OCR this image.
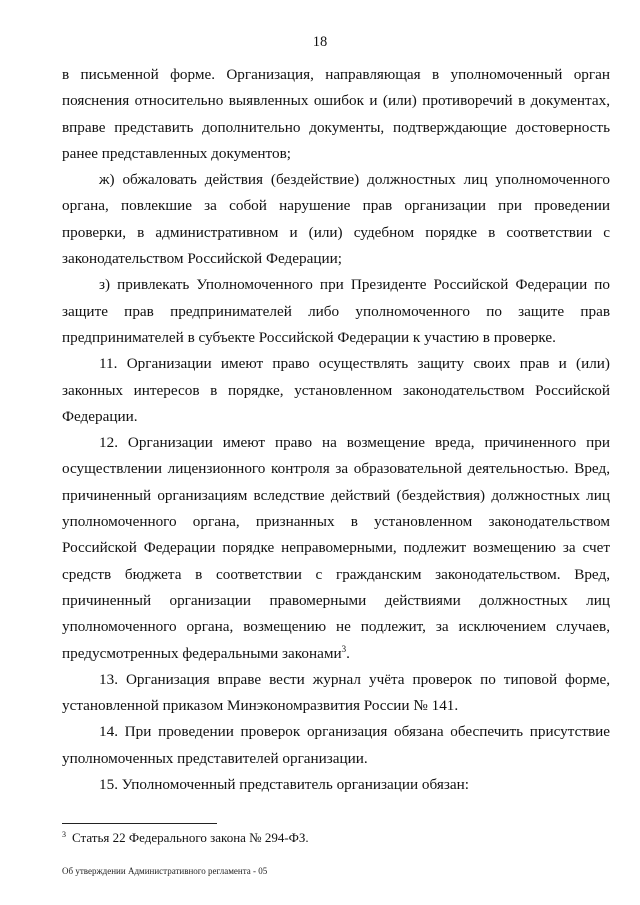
18

в письменной форме. Организация, направляющая в уполномоченный орган пояснения относительно выявленных ошибок и (или) противоречий в документах, вправе представить дополнительно документы, подтверждающие достоверность ранее представленных документов;

ж) обжаловать действия (бездействие) должностных лиц уполномоченного органа, повлекшие за собой нарушение прав организации при проведении проверки, в административном и (или) судебном порядке в соответствии с законодательством Российской Федерации;

з) привлекать Уполномоченного при Президенте Российской Федерации по защите прав предпринимателей либо уполномоченного по защите прав предпринимателей в субъекте Российской Федерации к участию в проверке.

11. Организации имеют право осуществлять защиту своих прав и (или) законных интересов в порядке, установленном законодательством Российской Федерации.

12. Организации имеют право на возмещение вреда, причиненного при осуществлении лицензионного контроля за образовательной деятельностью. Вред, причиненный организациям вследствие действий (бездействия) должностных лиц уполномоченного органа, признанных в установленном законодательством Российской Федерации порядке неправомерными, подлежит возмещению за счет средств бюджета в соответствии с гражданским законодательством. Вред, причиненный организации правомерными действиями должностных лиц уполномоченного органа, возмещению не подлежит, за исключением случаев, предусмотренных федеральными законами$^3$.

13. Организация вправе вести журнал учёта проверок по типовой форме, установленной приказом Минэкономразвития России № 141.

14. При проведении проверок организация обязана обеспечить присутствие уполномоченных представителей организации.

15. Уполномоченный представитель организации обязан:

$^3$ Статья 22 Федерального закона № 294-ФЗ.
Об утверждении Административного регламента - 05
